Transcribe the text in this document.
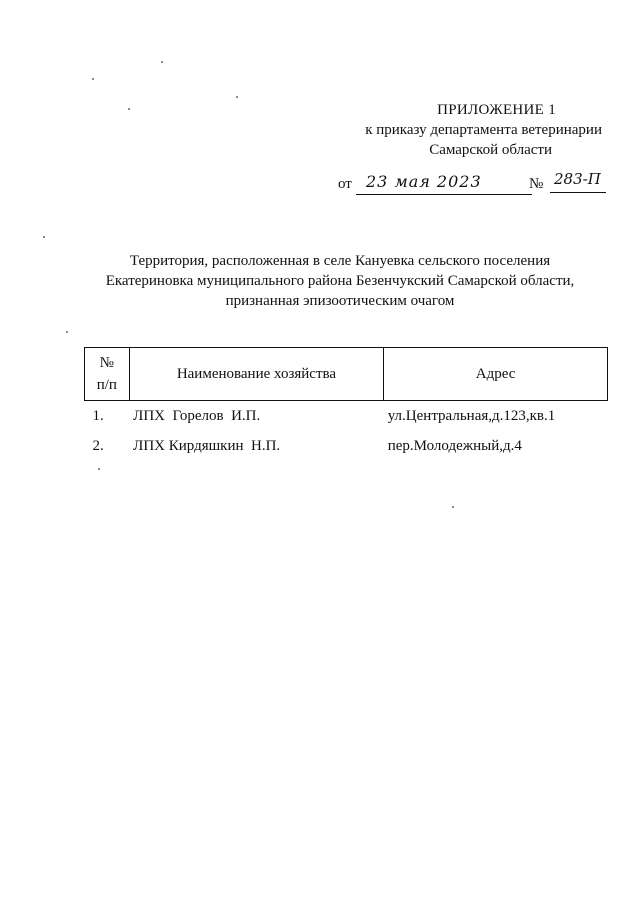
ПРИЛОЖЕНИЕ 1
к приказу департамента ветеринарии
Самарской области
от 23 мая 2023	№ 283-П
Территория, расположенная в селе Кануевка сельского поселения
Екатериновка муниципального района Безенчукский Самарской области,
признанная эпизоотическим очагом
№ п/п	Наименование хозяйства	Адрес
1.	ЛПХ  Горелов  И.П.	ул.Центральная,д.123,кв.1
2.	ЛПХ Кирдяшкин  Н.П.	пер.Молодежный,д.4
